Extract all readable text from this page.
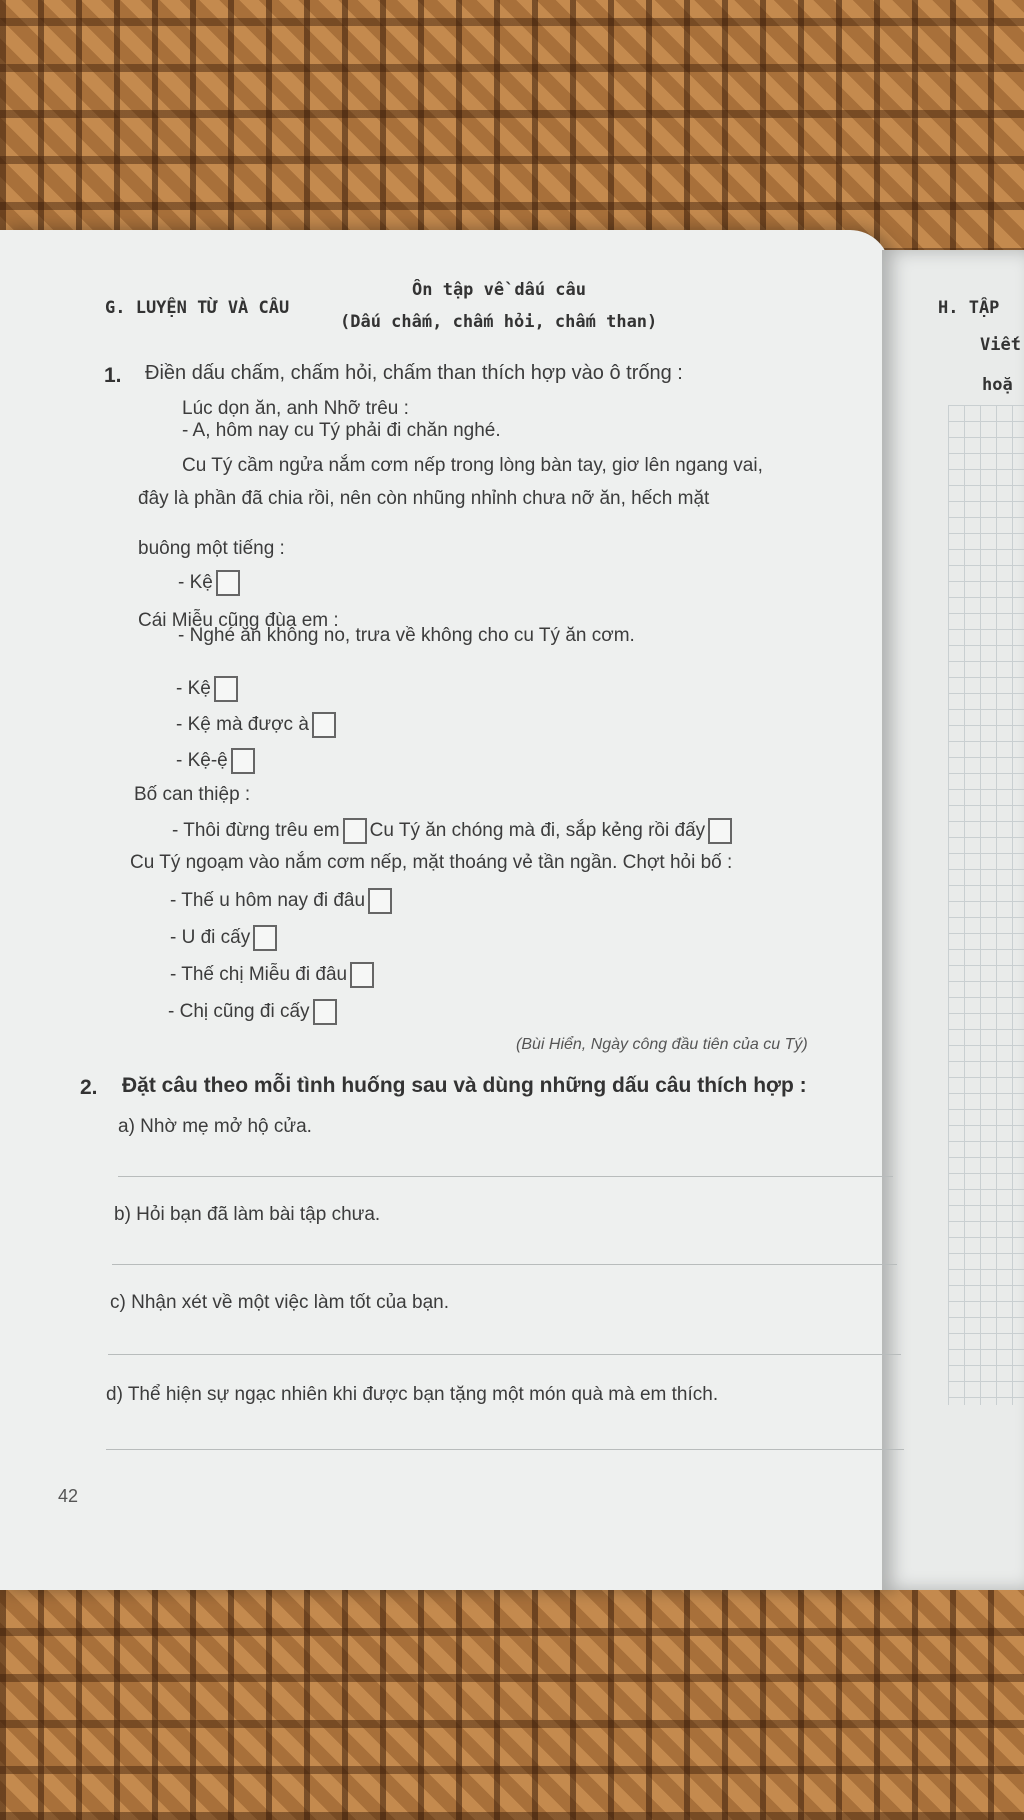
H. TẬP
Viết
hoặ
G. LUYỆN TỪ VÀ CÂU
Ôn tập về dấu câu
(Dấu chấm, chấm hỏi, chấm than)
1. Điền dấu chấm, chấm hỏi, chấm than thích hợp vào ô trống :
Lúc dọn ăn, anh Nhỡ trêu :
- A, hôm nay cu Tý phải đi chăn nghé.
Cu Tý cầm ngửa nắm cơm nếp trong lòng bàn tay, giơ lên ngang vai,
đây là phần đã chia rồi, nên còn nhũng nhỉnh chưa nỡ ăn, hếch mặt
buông một tiếng :
- Kệ
Cái Miễu cũng đùa em :
- Nghé ăn không no, trưa về không cho cu Tý ăn cơm.
- Kệ
- Kệ mà được à
- Kệ-ệ
Bố can thiệp :
- Thôi đừng trêu em Cu Tý ăn chóng mà đi, sắp kẻng rồi đấy
Cu Tý ngoạm vào nắm cơm nếp, mặt thoáng vẻ tần ngần. Chợt hỏi bố :
- Thế u hôm nay đi đâu
- U đi cấy
- Thế chị Miễu đi đâu
- Chị cũng đi cấy
(Bùi Hiển, Ngày công đầu tiên của cu Tý)
2. Đặt câu theo mỗi tình huống sau và dùng những dấu câu thích hợp :
a) Nhờ mẹ mở hộ cửa.
b) Hỏi bạn đã làm bài tập chưa.
c) Nhận xét về một việc làm tốt của bạn.
d) Thể hiện sự ngạc nhiên khi được bạn tặng một món quà mà em thích.
42
